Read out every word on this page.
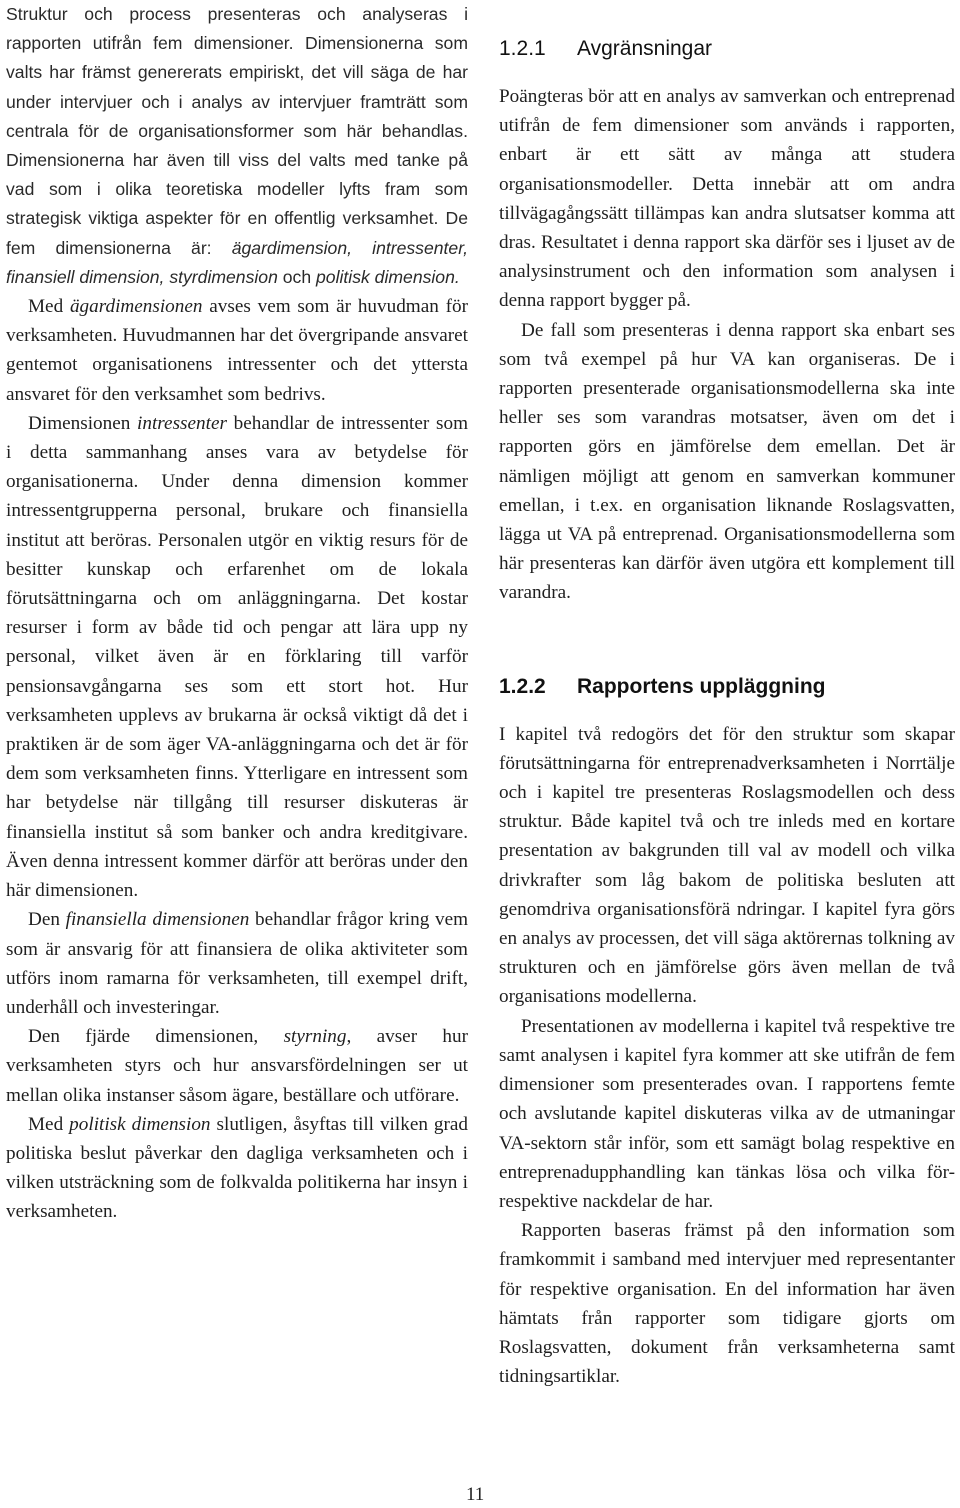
Struktur och process presenteras och analyseras i rapporten utifrån fem dimensioner. Dimensionerna som valts har främst genererats empiriskt, det vill säga de har under intervjuer och i analys av intervjuer framträtt som centrala för de organisationsformer som här behandlas. Dimensionerna har även till viss del valts med tanke på vad som i olika teoretiska modeller lyfts fram som strategisk viktiga aspekter för en offentlig verksamhet. De fem dimensionerna är: ägardimension, intressenter, finansiell dimension, styrdimension och politisk dimension.

Med ägardimensionen avses vem som är huvudman för verksamheten. Huvudmannen har det övergripande ansvaret gentemot organisationens intressenter och det yttersta ansvaret för den verksamhet som bedrivs.

Dimensionen intressenter behandlar de intressenter som i detta sammanhang anses vara av betydelse för organisationerna. Under denna dimension kommer intressentgrupperna personal, brukare och finansiella institut att beröras. Personalen utgör en viktig resurs för de besitter kunskap och erfarenhet om de lokala förutsättningarna och om anläggningarna. Det kostar resurser i form av både tid och pengar att lära upp ny personal, vilket även är en förklaring till varför pensionsavgångarna ses som ett stort hot. Hur verksamheten upplevs av brukarna är också viktigt då det i praktiken är de som äger VA-anläggningarna och det är för dem som verksamheten finns. Ytterligare en intressent som har betydelse när tillgång till resurser diskuteras är finansiella institut så som banker och andra kreditgivare. Även denna intressent kommer därför att beröras under den här dimensionen.

Den finansiella dimensionen behandlar frågor kring vem som är ansvarig för att finansiera de olika aktiviteter som utförs inom ramarna för verksamheten, till exempel drift, underhåll och investeringar.

Den fjärde dimensionen, styrning, avser hur verksamheten styrs och hur ansvarsfördelningen ser ut mellan olika instanser såsom ägare, beställare och utförare.

Med politisk dimension slutligen, åsyftas till vilken grad politiska beslut påverkar den dagliga verksamheten och i vilken utsträckning som de folkvalda politikerna har insyn i verksamheten.

1.2.1 Avgränsningar

Poängteras bör att en analys av samverkan och entreprenad utifrån de fem dimensioner som används i rapporten, enbart är ett sätt av många att studera organisationsmodeller. Detta innebär att om andra tillvägagångssätt tillämpas kan andra slutsatser komma att dras. Resultatet i denna rapport ska därför ses i ljuset av de analysinstrument och den information som analysen i denna rapport bygger på.

De fall som presenteras i denna rapport ska enbart ses som två exempel på hur VA kan organiseras. De i rapporten presenterade organisationsmodellerna ska inte heller ses som varandras motsatser, även om det i rapporten görs en jämförelse dem emellan. Det är nämligen möjligt att genom en samverkan kommuner emellan, i t.ex. en organisation liknande Roslagsvatten, lägga ut VA på entreprenad. Organisationsmodellerna som här presenteras kan därför även utgöra ett komplement till varandra.

1.2.2 Rapportens uppläggning

I kapitel två redogörs det för den struktur som skapar förutsättningarna för entreprenadverksamheten i Norrtälje och i kapitel tre presenteras Roslagsmodellen och dess struktur. Både kapitel två och tre inleds med en kortare presentation av bakgrunden till val av modell och vilka drivkrafter som låg bakom de politiska besluten att genomdriva organisationsförä ndringar. I kapitel fyra görs en analys av processen, det vill säga aktörernas tolkning av strukturen och en jämförelse görs även mellan de två organisations modellerna.

Presentationen av modellerna i kapitel två respektive tre samt analysen i kapitel fyra kommer att ske utifrån de fem dimensioner som presenterades ovan. I rapportens femte och avslutande kapitel diskuteras vilka av de utmaningar VA-sektorn står inför, som ett samägt bolag respektive en entreprenadupphandling kan tänkas lösa och vilka för- respektive nackdelar de har.

Rapporten baseras främst på den information som framkommit i samband med intervjuer med representanter för respektive organisation. En del information har även hämtats från rapporter som tidigare gjorts om Roslagsvatten, dokument från verksamheterna samt tidningsartiklar.

11
